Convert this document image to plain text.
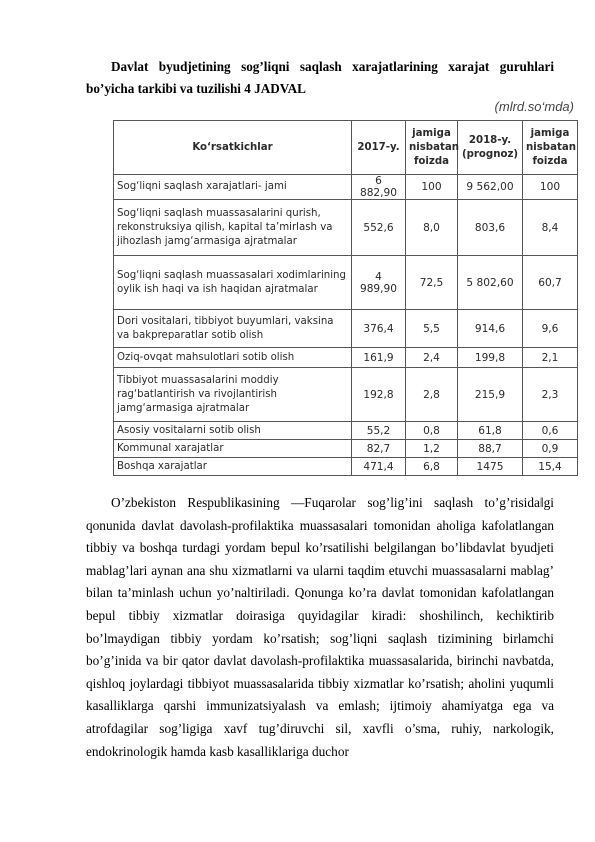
Davlat byudjetining sog’liqni saqlash xarajatlarining xarajat guruhlari bo’yicha tarkibi va tuzilishi 4 JADVAL
(mlrd.so‘mda)
Ko‘rsatkichlar	2017-y.	jamiga nisbatan foizda	2018-y. (prognoz)	jamiga nisbatan foizda
Sog‘liqni saqlash xarajatlari- jami	6 882,90	100	9 562,00	100
Sog‘liqni saqlash muassasalarini qurish, rekonstruksiya qilish, kapital ta’mirlash va jihozlash jamg‘armasiga ajratmalar	552,6	8,0	803,6	8,4
Sog‘liqni saqlash muassasalari xodimlarining oylik ish haqi va ish haqidan ajratmalar	4 989,90	72,5	5 802,60	60,7
Dori vositalari, tibbiyot buyumlari, vaksina va bakpreparatlar sotib olish	376,4	5,5	914,6	9,6
Oziq-ovqat mahsulotlari sotib olish	161,9	2,4	199,8	2,1
Tibbiyot muassasalarini moddiy rag‘batlantirish va rivojlantirish jamg‘armasiga ajratmalar	192,8	2,8	215,9	2,3
Asosiy vositalarni sotib olish	55,2	0,8	61,8	0,6
Kommunal xarajatlar	82,7	1,2	88,7	0,9
Boshqa xarajatlar	471,4	6,8	1475	15,4

O’zbekiston Respublikasining ―Fuqarolar sog’lig’ini saqlash to’g’risida‖gi qonunida davlat davolash-profilaktika muassasalari tomonidan aholiga kafolatlangan tibbiy va boshqa turdagi yordam bepul ko’rsatilishi belgilangan bo’libdavlat byudjeti mablag’lari aynan ana shu xizmatlarni va ularni taqdim etuvchi muassasalarni mablag’ bilan ta’minlash uchun yo’naltiriladi. Qonunga ko’ra davlat tomonidan kafolatlangan bepul tibbiy xizmatlar doirasiga quyidagilar kiradi: shoshilinch, kechiktirib bo’lmaydigan tibbiy yordam ko’rsatish; sog’liqni saqlash tizimining birlamchi bo’g’inida va bir qator davlat davolash-profilaktika muassasalarida, birinchi navbatda, qishloq joylardagi tibbiyot muassasalarida tibbiy xizmatlar ko’rsatish; aholini yuqumli kasalliklarga qarshi immunizatsiyalash va emlash; ijtimoiy ahamiyatga ega va atrofdagilar sog’ligiga xavf tug’diruvchi sil, xavfli o’sma, ruhiy, narkologik, endokrinologik hamda kasb kasalliklariga duchor
